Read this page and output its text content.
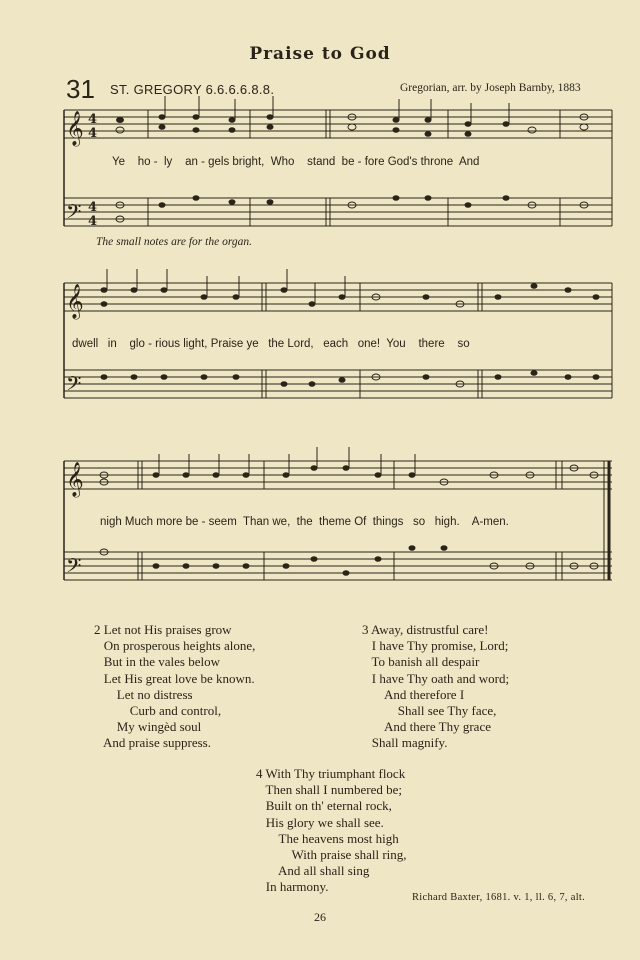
Praise to God
31 ST. GREGORY 6.6.6.6.8.8.	Gregorian, arr. by Joseph Barnby, 1883
𝄞
𝄢
𝄞
𝄢
𝄞
𝄢
4
4
4
4
Ye    ho -  ly    an - gels bright,  Who    stand  be - fore God's throne  And
The small notes are for the organ.
dwell   in    glo - rious light, Praise ye   the Lord,   each   one!  You    there    so
nigh Much more be - seem  Than we,  the  theme Of  things   so   high.    A-men.
2 Let not His praises grow
On prosperous heights alone,
But in the vales below
Let His great love be known.
Let no distress
Curb and control,
My wingèd soul
And praise suppress.
3 Away, distrustful care!
I have Thy promise, Lord;
To banish all despair
I have Thy oath and word;
And therefore I
Shall see Thy face,
And there Thy grace
Shall magnify.
4 With Thy triumphant flock
Then shall I numbered be;
Built on th' eternal rock,
His glory we shall see.
The heavens most high
With praise shall ring,
And all shall sing
In harmony.
Richard Baxter, 1681. v. 1, ll. 6, 7, alt.
26
